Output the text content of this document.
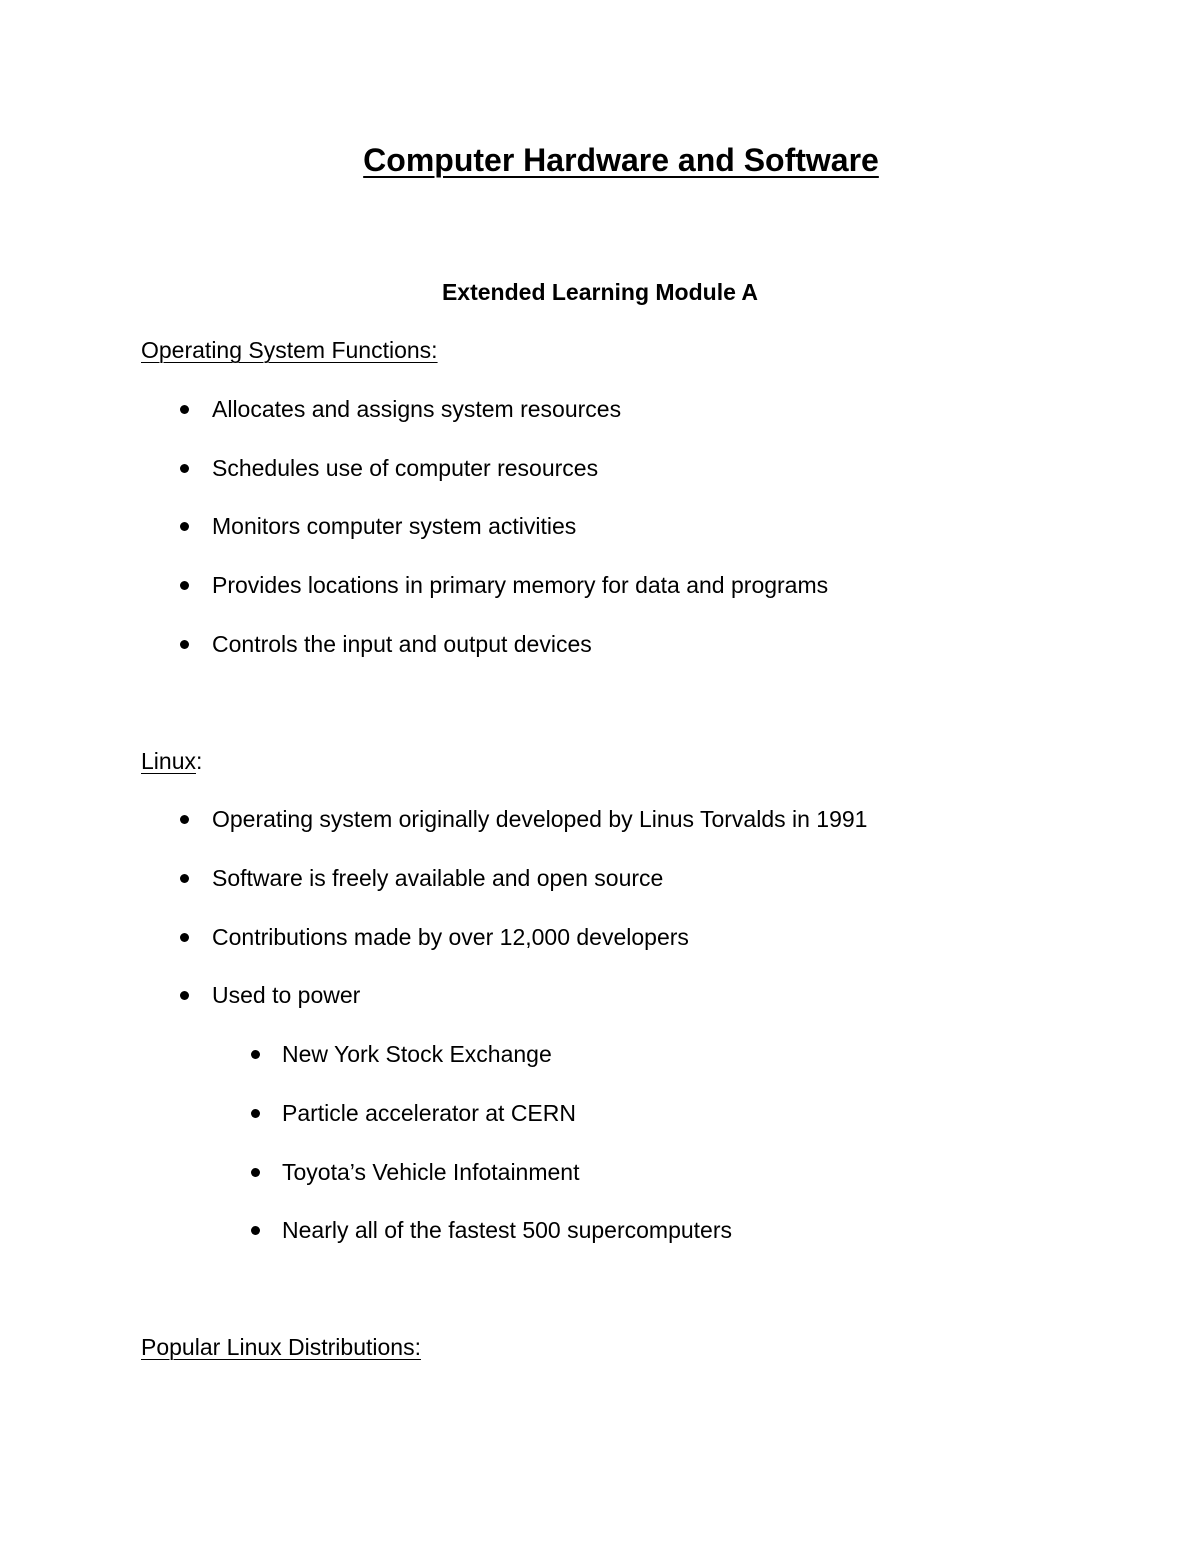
Computer Hardware and Software
Extended Learning Module A
Operating System Functions:
Allocates and assigns system resources
Schedules use of computer resources
Monitors computer system activities
Provides locations in primary memory for data and programs
Controls the input and output devices
Linux:
Operating system originally developed by Linus Torvalds in 1991
Software is freely available and open source
Contributions made by over 12,000 developers
Used to power
New York Stock Exchange
Particle accelerator at CERN
Toyota’s Vehicle Infotainment
Nearly all of the fastest 500 supercomputers
Popular Linux Distributions:
